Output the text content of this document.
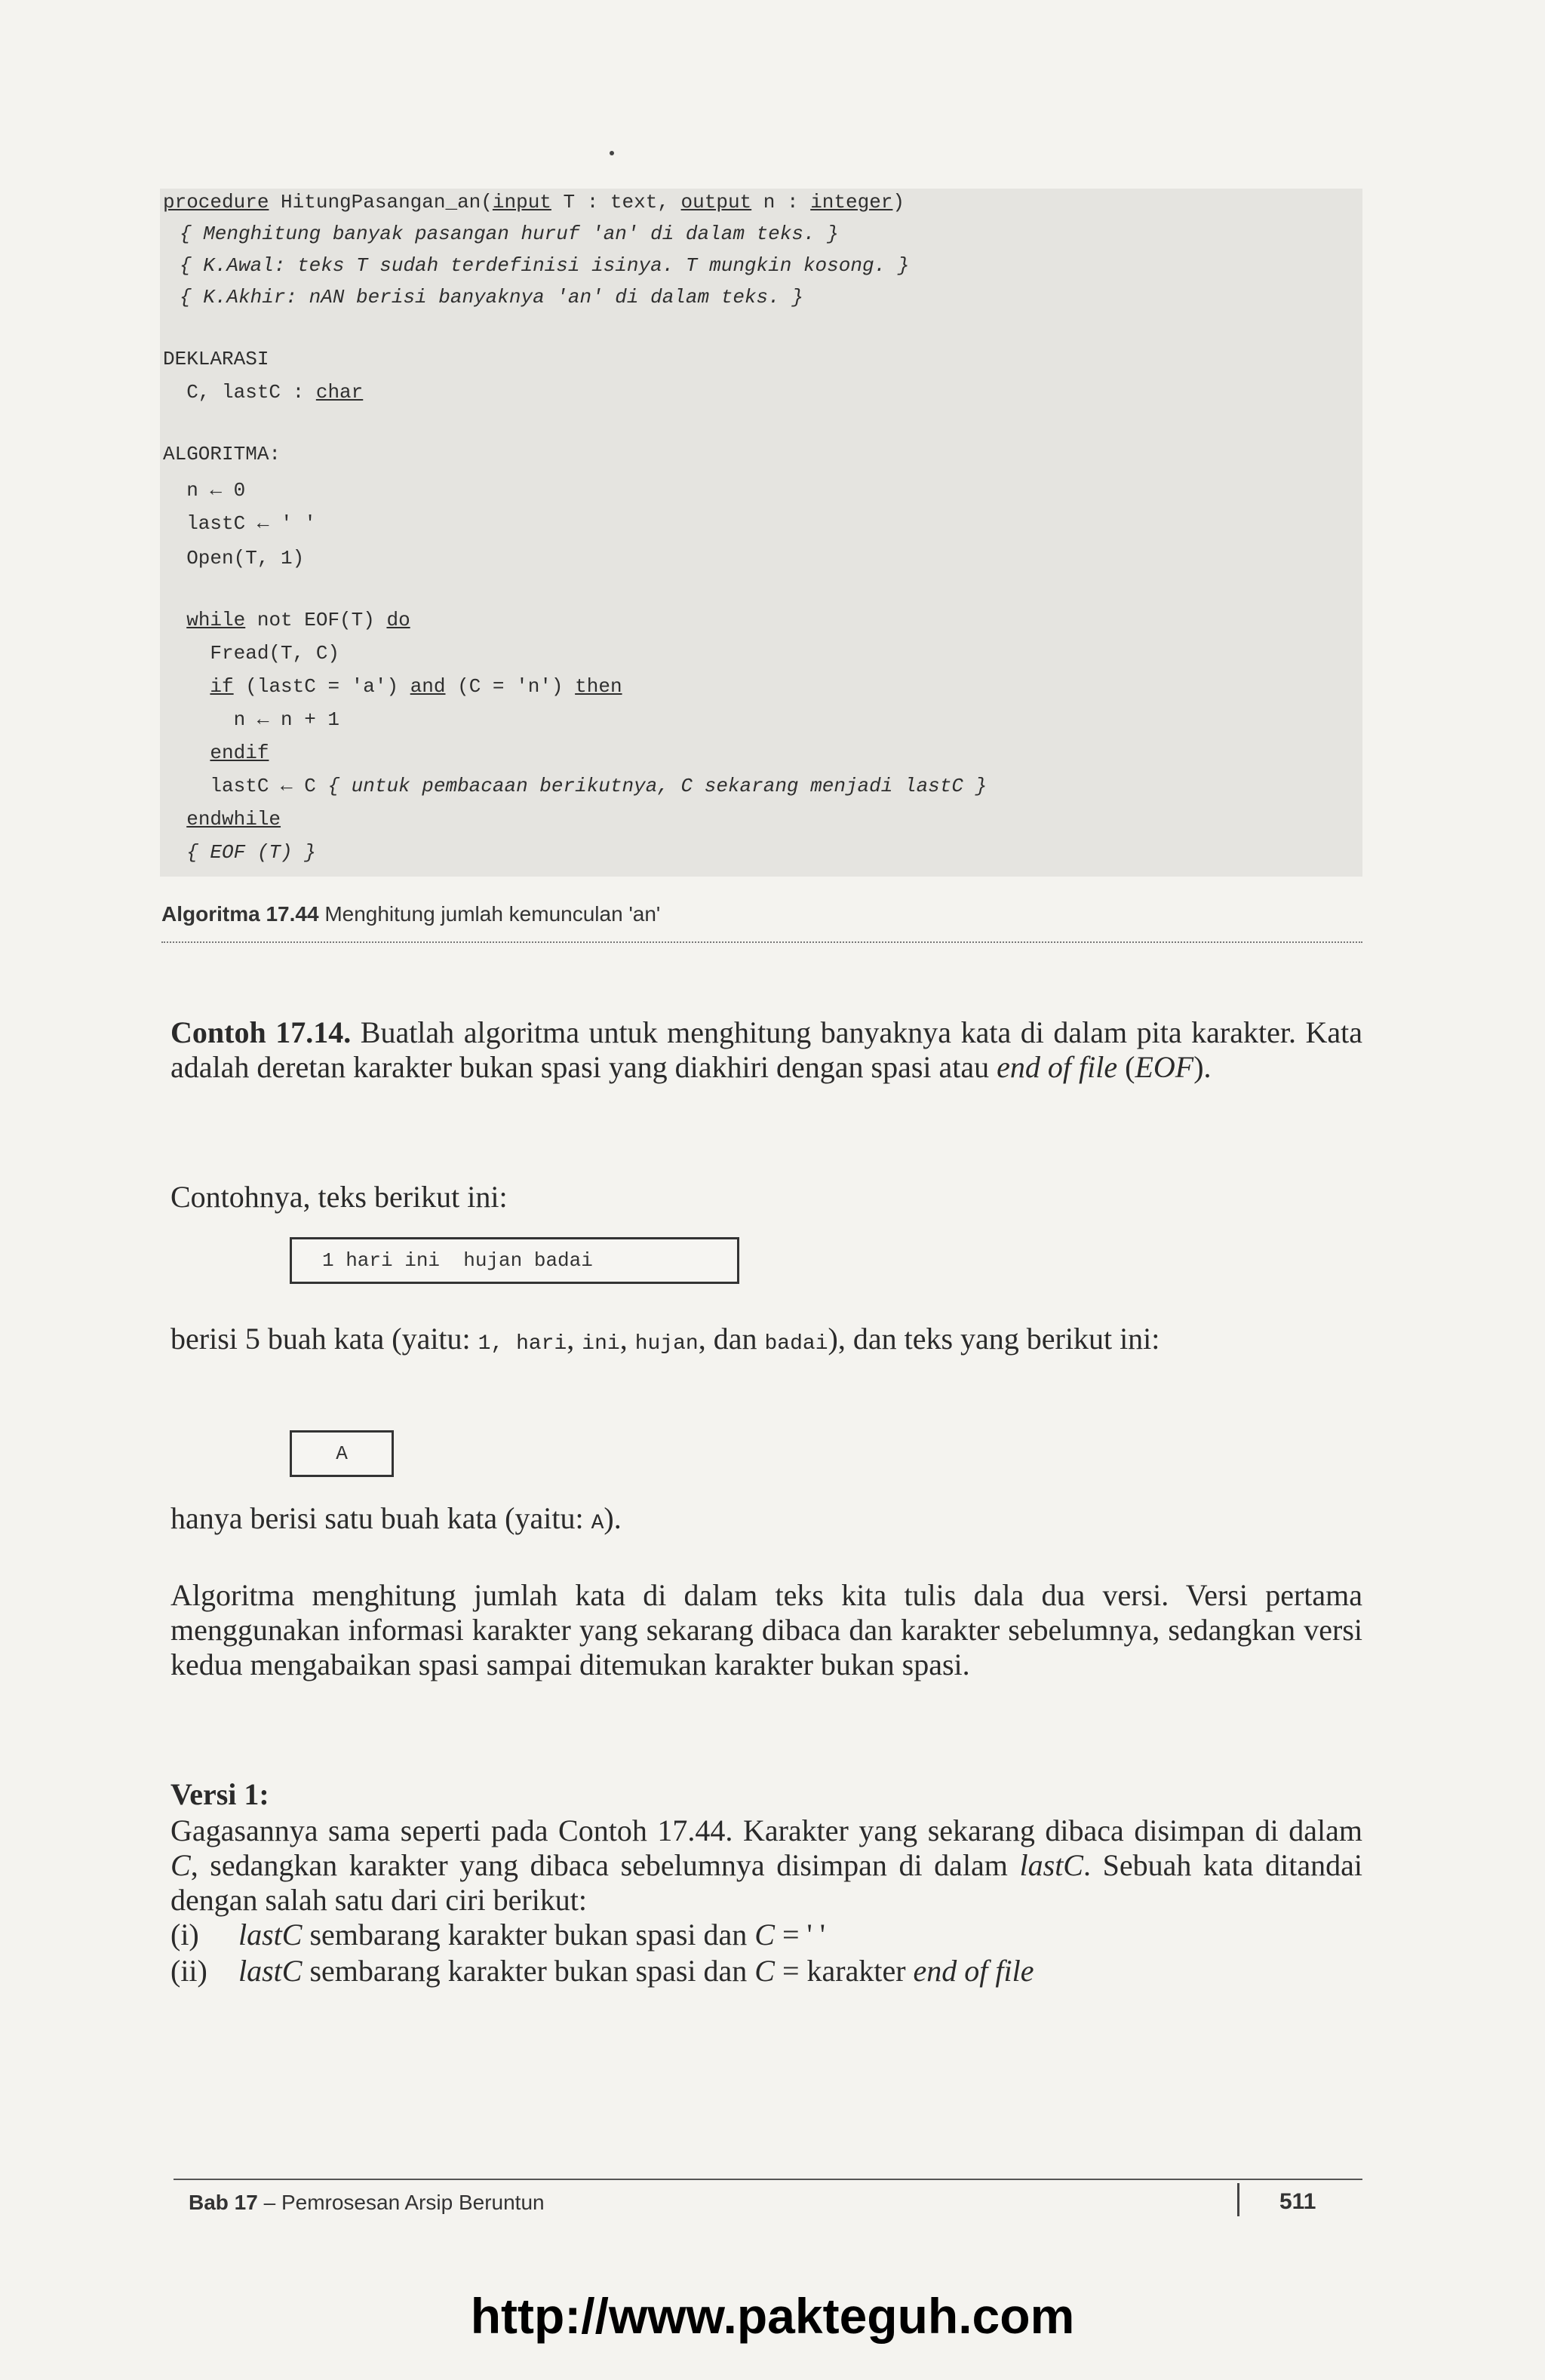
procedure HitungPasangan_an(input T : text, output n : integer)
{ Menghitung banyak pasangan huruf 'an' di dalam teks. }
{ K.Awal: teks T sudah terdefinisi isinya. T mungkin kosong. }
{ K.Akhir: nAN berisi banyaknya 'an' di dalam teks. }
DEKLARASI
C, lastC : char
ALGORITMA:
n ← 0
lastC ← ' '
Open(T, 1)
while not EOF(T) do
Fread(T, C)
if (lastC = 'a') and (C = 'n') then
n ← n + 1
endif
lastC ← C { untuk pembacaan berikutnya, C sekarang menjadi lastC }
endwhile
{ EOF (T) }
Algoritma 17.44 Menghitung jumlah kemunculan 'an'
Contoh 17.14. Buatlah algoritma untuk menghitung banyaknya kata di dalam pita karakter. Kata adalah deretan karakter bukan spasi yang diakhiri dengan spasi atau end of file (EOF).
Contohnya, teks berikut ini:
1 hari ini  hujan badai
berisi 5 buah kata (yaitu: 1, hari, ini, hujan, dan badai), dan teks yang berikut ini:
A
hanya berisi satu buah kata (yaitu: A).
Algoritma menghitung jumlah kata di dalam teks kita tulis dala dua versi. Versi pertama menggunakan informasi karakter yang sekarang dibaca dan karakter sebelumnya, sedangkan versi kedua mengabaikan spasi sampai ditemukan karakter bukan spasi.
Versi 1:
Gagasannya sama seperti pada Contoh 17.44. Karakter yang sekarang dibaca disimpan di dalam C, sedangkan karakter yang dibaca sebelumnya disimpan di dalam lastC. Sebuah kata ditandai dengan salah satu dari ciri berikut:
(i) lastC sembarang karakter bukan spasi dan C = ' '
(ii) lastC sembarang karakter bukan spasi dan C = karakter end of file
Bab 17 – Pemrosesan Arsip Beruntun	511
http://www.pakteguh.com
